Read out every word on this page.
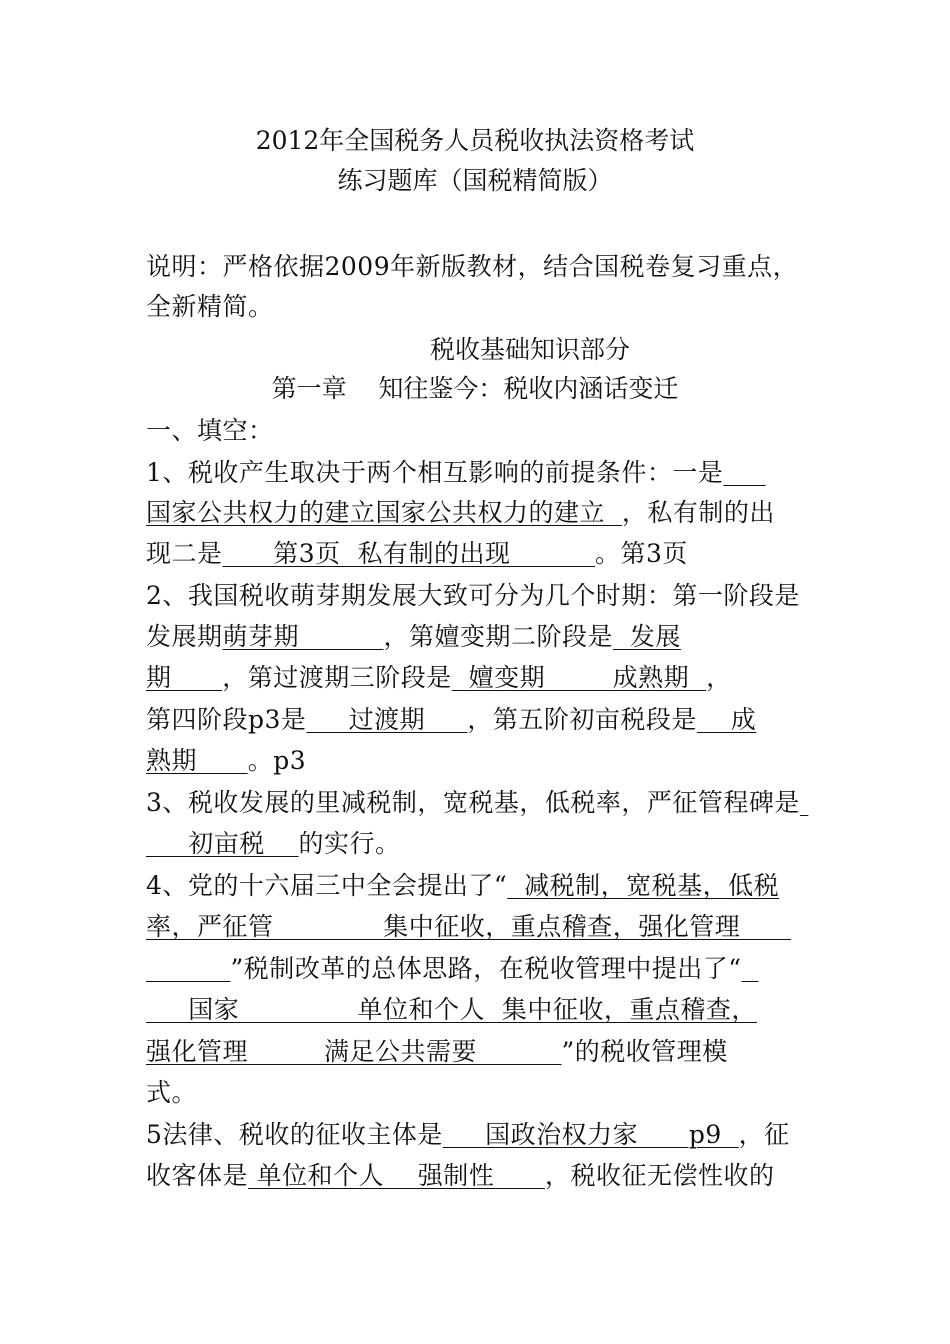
2012年全国税务人员税收执法资格考试
练习题库（国税精简版）
说明：严格依据2009年新版教材，结合国税卷复习重点，
全新精简。
税收基础知识部分
第一章    知往鉴今：税收内涵话变迁
一、填空：
1、税收产生取决于两个相互影响的前提条件：一是
国家公共权力的建立国家公共权力的建立  ，私有制的出
现二是      第3页  私有制的出现          。第3页
2、我国税收萌芽期发展大致可分为几个时期：第一阶段是
发展期萌芽期          ，第嬗变期二阶段是  发展
期      ，第过渡期三阶段是  嬗变期        成熟期  ，
第四阶段p3是     过渡期     ，第五阶初亩税段是    成
熟期      。p3
3、税收发展的里减税制，宽税基，低税率，严征管程碑是
初亩税    的实行。
4、党的十六届三中全会提出了“  减税制，宽税基，低税
率，严征管             集中征收，重点稽查，强化管理
”税制改革的总体思路，在税收管理中提出了“
国家              单位和个人  集中征收，重点稽查，
强化管理         满足公共需要          ”的税收管理模
式。
5法律、税收的征收主体是     国政治权力家      p9  ，征
收客体是 单位和个人    强制性      ，税收征无偿性收的
